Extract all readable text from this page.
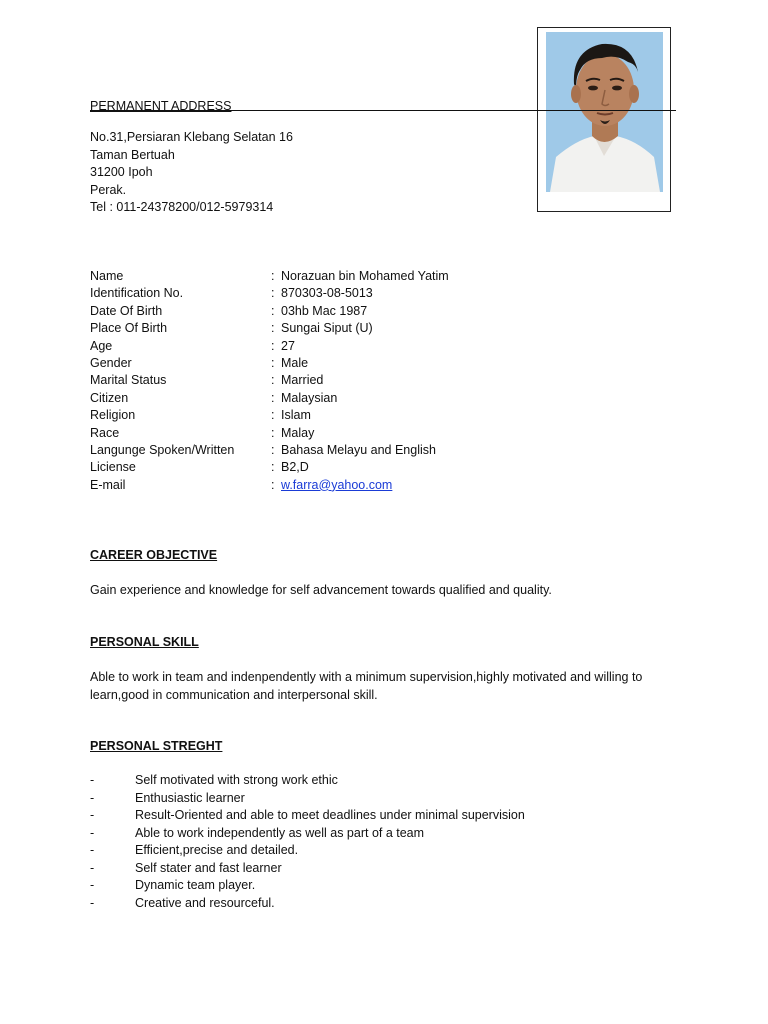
PERMANENT ADDRESS
No.31,Persiaran Klebang Selatan 16
Taman Bertuah
31200 Ipoh
Perak.
Tel : 011-24378200/012-5979314
Name	: Norazuan bin Mohamed Yatim
Identification No.	: 870303-08-5013
Date Of Birth	: 03hb Mac 1987
Place Of Birth	: Sungai Siput (U)
Age	: 27
Gender	: Male
Marital Status	: Married
Citizen	: Malaysian
Religion	: Islam
Race	: Malay
Langunge Spoken/Written	: Bahasa Melayu and English
Liciense	: B2,D
E-mail	: w.farra@yahoo.com
CAREER OBJECTIVE
Gain experience and knowledge for self advancement towards qualified and quality.
PERSONAL SKILL
Able to work in team and indenpendently with a minimum supervision,highly motivated and willing to learn,good in communication and interpersonal skill.
PERSONAL STREGHT
-	Self motivated with strong work ethic
-	Enthusiastic learner
-	Result-Oriented and able to meet deadlines under minimal supervision
-	Able to work independently as well as part of a team
-	Efficient,precise and detailed.
-	Self stater and fast learner
-	Dynamic team player.
-	Creative and resourceful.
